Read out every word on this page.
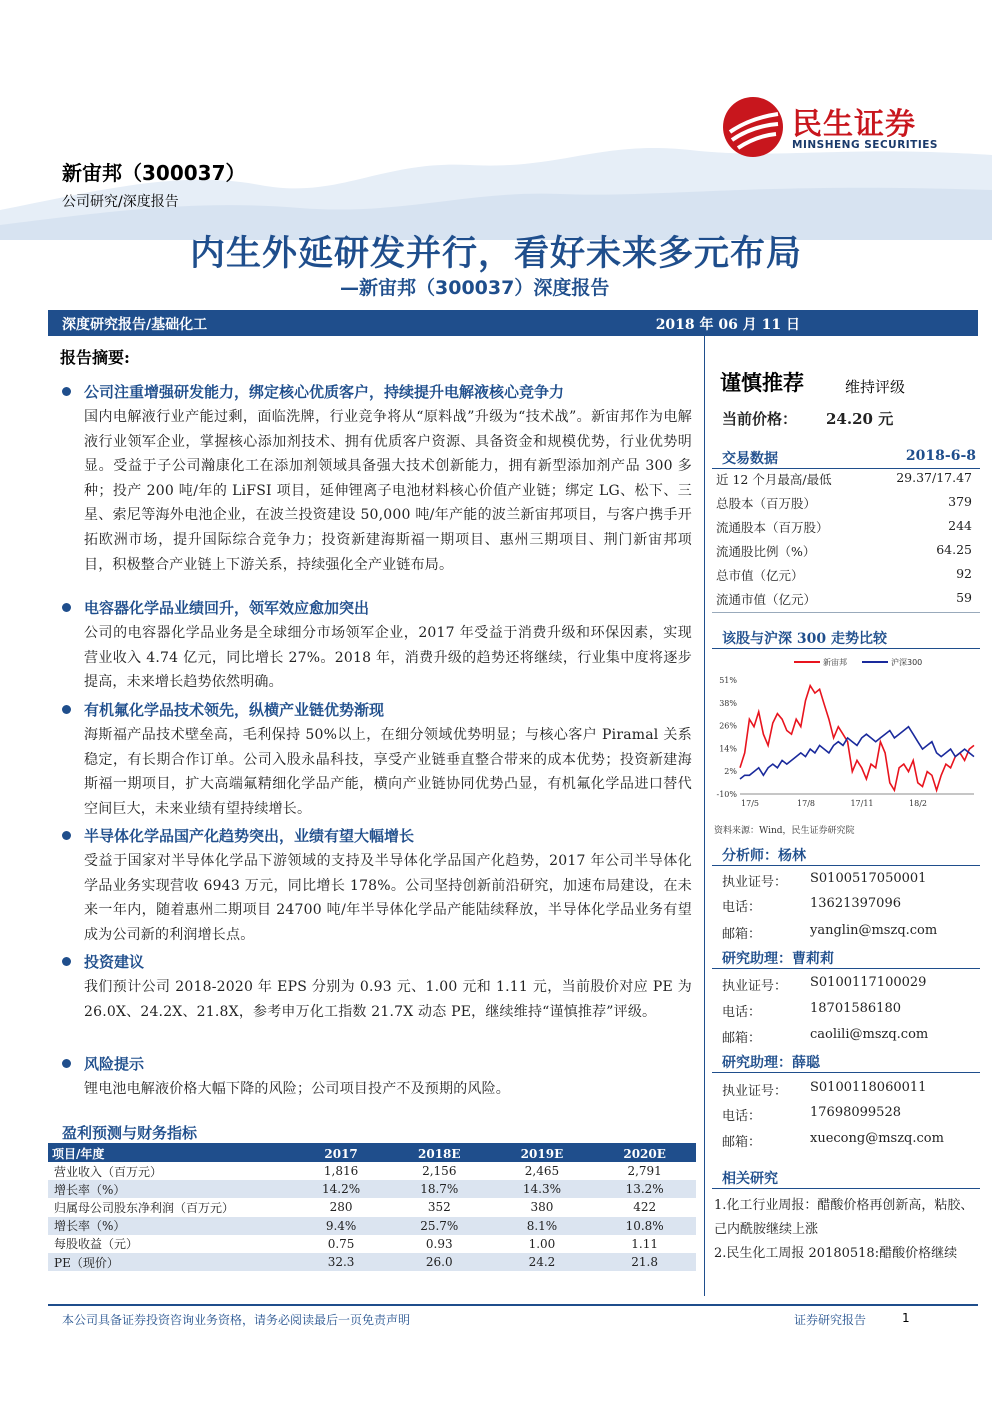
民生证券
MINSHENG SECURITIES
新宙邦（300037）
公司研究/深度报告
内生外延研发并行，看好未来多元布局
—新宙邦（300037）深度报告
深度研究报告/基础化工	2018 年 06 月 11 日
报告摘要:
公司注重增强研发能力，绑定核心优质客户，持续提升电解液核心竞争力
国内电解液行业产能过剩，面临洗牌，行业竞争将从“原料战”升级为“技术战”。新宙邦作为电解液行业领军企业，掌握核心添加剂技术、拥有优质客户资源、具备资金和规模优势，行业优势明显。受益于子公司瀚康化工在添加剂领域具备强大技术创新能力，拥有新型添加剂产品 300 多种；投产 200 吨/年的 LiFSI 项目，延伸锂离子电池材料核心价值产业链；绑定 LG、松下、三星、索尼等海外电池企业，在波兰投资建设 50,000 吨/年产能的波兰新宙邦项目，与客户携手开拓欧洲市场，提升国际综合竞争力；投资新建海斯福一期项目、惠州三期项目、荆门新宙邦项目，积极整合产业链上下游关系，持续强化全产业链布局。
电容器化学品业绩回升，领军效应愈加突出
公司的电容器化学品业务是全球细分市场领军企业，2017 年受益于消费升级和环保因素，实现营业收入 4.74 亿元，同比增长 27%。2018 年，消费升级的趋势还将继续，行业集中度将逐步提高，未来增长趋势依然明确。
有机氟化学品技术领先，纵横产业链优势渐现
海斯福产品技术壁垒高，毛利保持 50%以上，在细分领域优势明显；与核心客户 Piramal 关系稳定，有长期合作订单。公司入股永晶科技，享受产业链垂直整合带来的成本优势；投资新建海斯福一期项目，扩大高端氟精细化学品产能，横向产业链协同优势凸显，有机氟化学品进口替代空间巨大，未来业绩有望持续增长。
半导体化学品国产化趋势突出，业绩有望大幅增长
受益于国家对半导体化学品下游领域的支持及半导体化学品国产化趋势，2017 年公司半导体化学品业务实现营收 6943 万元，同比增长 178%。公司坚持创新前沿研究，加速布局建设，在未来一年内，随着惠州二期项目 24700 吨/年半导体化学品产能陆续释放，半导体化学品业务有望成为公司新的利润增长点。
投资建议
我们预计公司 2018-2020 年 EPS 分别为 0.93 元、1.00 元和 1.11 元，当前股价对应 PE 为 26.0X、24.2X、21.8X，参考申万化工指数 21.7X 动态 PE，继续维持“谨慎推荐”评级。
风险提示
锂电池电解液价格大幅下降的风险；公司项目投产不及预期的风险。
盈利预测与财务指标
项目/年度	2017	2018E	2019E	2020E
营业收入（百万元）	1,816	2,156	2,465	2,791
增长率（%）	14.2%	18.7%	14.3%	13.2%
归属母公司股东净利润（百万元）	280	352	380	422
增长率（%）	9.4%	25.7%	8.1%	10.8%
每股收益（元）	0.75	0.93	1.00	1.11
PE（现价）	32.3	26.0	24.2	21.8
谨慎推荐	维持评级
当前价格： 24.20 元
交易数据	2018-6-8
近 12 个月最高/最低	29.37/17.47
总股本（百万股）	379
流通股本（百万股）	244
流通股比例（%）	64.25
总市值（亿元）	92
流通市值（亿元）	59
该股与沪深 300 走势比较
新宙邦	沪深300
51%
38%
26%
14%
2%
-10%
17/5	17/8	17/11	18/2
资料来源：Wind，民生证券研究院
分析师：杨林
执业证号：	S0100517050001
电话：	13621397096
邮箱：	yanglin@mszq.com
研究助理：曹莉莉
执业证号：	S0100117100029
电话：	18701586180
邮箱：	caolili@mszq.com
研究助理：薛聪
执业证号：	S0100118060011
电话：	17698099528
邮箱：	xuecong@mszq.com
相关研究
1.化工行业周报：醋酸价格再创新高，粘胶、己内酰胺继续上涨
2.民生化工周报 20180518:醋酸价格继续
本公司具备证券投资咨询业务资格，请务必阅读最后一页免责声明	证券研究报告	1
